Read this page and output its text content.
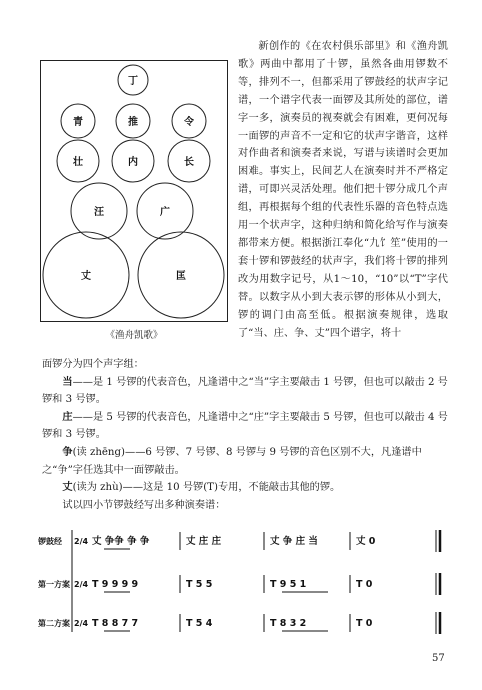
丁
青	推	令
壮	内	长
汪	广
丈	匡
《渔舟凯歌》

新创作的《在农村俱乐部里》和《渔舟凯歌》两曲中都用了十锣，虽然各曲用锣数不等，排列不一，但都采用了锣鼓经的状声字记谱，一个谱字代表一面锣及其所处的部位，谱字一多，演奏员的视奏就会有困难，更何况每一面锣的声音不一定和它的状声字谐音，这样对作曲者和演奏者来说，写谱与读谱时会更加困难。事实上，民间艺人在演奏时并不严格定谱，可即兴灵活处理。他们把十锣分成几个声组，再根据每个组的代表性乐器的音色特点选用一个状声字，这种归纳和简化给写作与演奏都带来方便。根据浙江奉化“九饣笙”使用的一套十锣和锣鼓经的状声字，我们将十锣的排列改为用数字记号，从1～10，“10”以“T”字代替。以数字从小到大表示锣的形体从小到大，锣的调门由高至低。根据演奏规律，选取了“当、庄、争、丈”四个谱字，将十

面锣分为四个声字组：

当——是 1 号锣的代表音色，凡逢谱中之“当”字主要敲击 1 号锣，但也可以敲击 2 号锣和 3 号锣。

庄——是 5 号锣的代表音色，凡逢谱中之“庄”字主要敲击 5 号锣，但也可以敲击 4 号锣和 3 号锣。

争(读 zhēng)——6 号锣、7 号锣、8 号锣与 9 号锣的音色区别不大，凡逢谱中之“争”字任选其中一面锣敲击。

丈(读为 zhù)——这是 10 号锣(T)专用，不能敲击其他的锣。

试以四小节锣鼓经写出多种演奏谱：

锣鼓经 2/4 丈 争争 争 争	丈 庄 庄	丈 争 庄 当	丈 0
第一方案 2/4 T 9 9 9 9	T 5 5	T 9 5 1	T 0
第二方案 2/4 T 8 8 7 7	T 5 4	T 8 3 2	T 0
57
